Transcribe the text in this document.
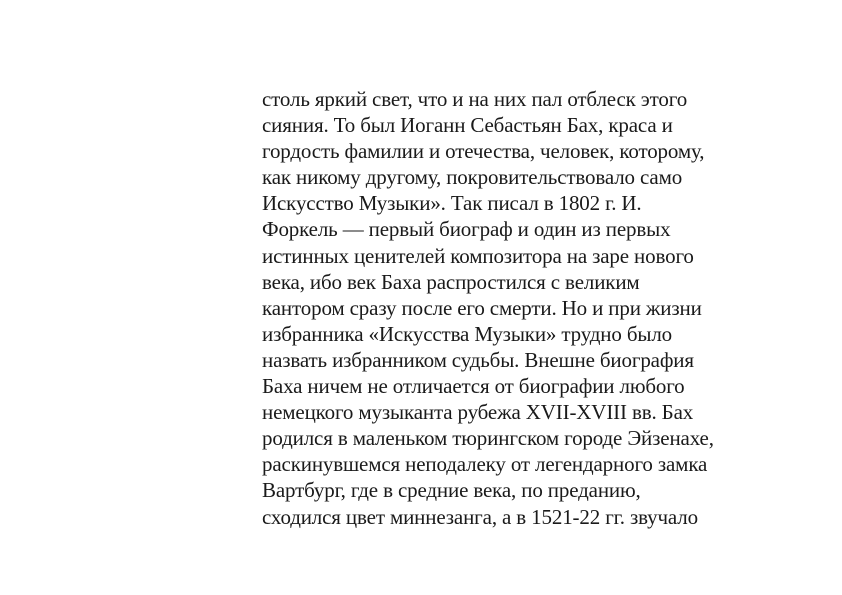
столь яркий свет, что и на них пал отблеск этого
сияния. То был Иоганн Себастьян Бах, краса и
гордость фамилии и отечества, человек, которому,
как никому другому, покровительствовало само
Искусство Музыки». Так писал в 1802 г. И.
Форкель — первый биограф и один из первых
истинных ценителей композитора на заре нового
века, ибо век Баха распростился с великим
кантором сразу после его смерти. Но и при жизни
избранника «Искусства Музыки» трудно было
назвать избранником судьбы. Внешне биография
Баха ничем не отличается от биографии любого
немецкого музыканта рубежа XVII-XVIII вв. Бах
родился в маленьком тюрингском городе Эйзенахе,
раскинувшемся неподалеку от легендарного замка
Вартбург, где в средние века, по преданию,
сходился цвет миннезанга, а в 1521-22 гг. звучало
